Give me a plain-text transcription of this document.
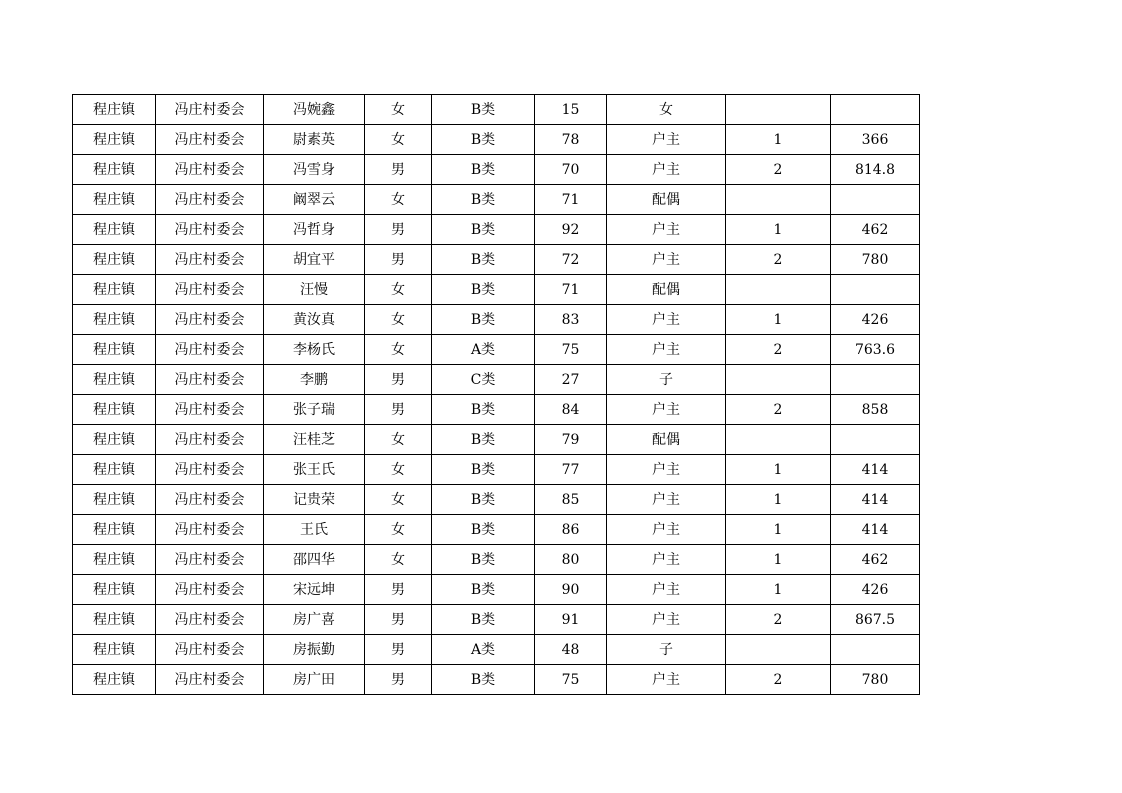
程庄镇	冯庄村委会	冯婉鑫	女	B类	15	女		
程庄镇	冯庄村委会	尉素英	女	B类	78	户主	1	366
程庄镇	冯庄村委会	冯雪身	男	B类	70	户主	2	814.8
程庄镇	冯庄村委会	阚翠云	女	B类	71	配偶		
程庄镇	冯庄村委会	冯哲身	男	B类	92	户主	1	462
程庄镇	冯庄村委会	胡宜平	男	B类	72	户主	2	780
程庄镇	冯庄村委会	汪慢	女	B类	71	配偶		
程庄镇	冯庄村委会	黄汝真	女	B类	83	户主	1	426
程庄镇	冯庄村委会	李杨氏	女	A类	75	户主	2	763.6
程庄镇	冯庄村委会	李鹏	男	C类	27	子		
程庄镇	冯庄村委会	张子瑞	男	B类	84	户主	2	858
程庄镇	冯庄村委会	汪桂芝	女	B类	79	配偶		
程庄镇	冯庄村委会	张王氏	女	B类	77	户主	1	414
程庄镇	冯庄村委会	记贵荣	女	B类	85	户主	1	414
程庄镇	冯庄村委会	王氏	女	B类	86	户主	1	414
程庄镇	冯庄村委会	邵四华	女	B类	80	户主	1	462
程庄镇	冯庄村委会	宋远坤	男	B类	90	户主	1	426
程庄镇	冯庄村委会	房广喜	男	B类	91	户主	2	867.5
程庄镇	冯庄村委会	房振勤	男	A类	48	子		
程庄镇	冯庄村委会	房广田	男	B类	75	户主	2	780
